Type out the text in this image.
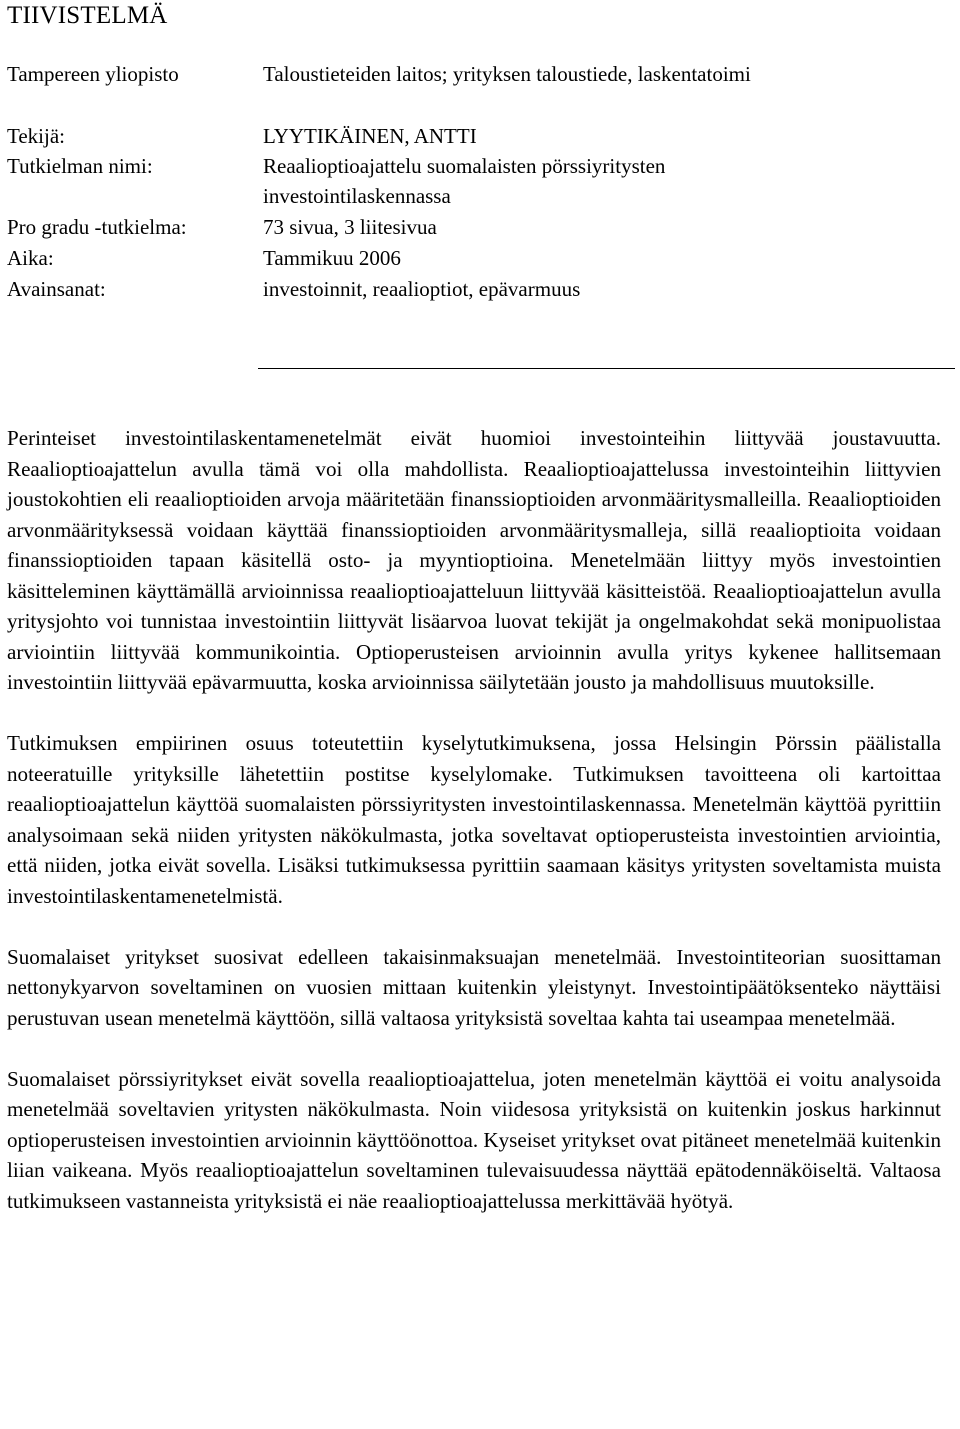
TIIVISTELMÄ
Tampereen yliopisto	Taloustieteiden laitos; yrityksen taloustiede, laskentatoimi
Tekijä:	LYYTIKÄINEN, ANTTI
Tutkielman nimi:	Reaalioptioajattelu suomalaisten pörssiyritysten investointilaskennassa
Pro gradu -tutkielma:	73 sivua, 3 liitesivua
Aika:	Tammikuu 2006
Avainsanat:	investoinnit, reaalioptiot, epävarmuus

Perinteiset investointilaskentamenetelmät eivät huomioi investointeihin liittyvää joustavuutta. Reaalioptioajattelun avulla tämä voi olla mahdollista. Reaalioptioajattelussa investointeihin liittyvien joustokohtien eli reaalioptioiden arvoja määritetään finanssioptioiden arvonmääritysmalleilla. Reaalioptioiden arvonmäärityksessä voidaan käyttää finanssioptioiden arvonmääritysmalleja, sillä reaalioptioita voidaan finanssioptioiden tapaan käsitellä osto- ja myyntioptioina. Menetelmään liittyy myös investointien käsitteleminen käyttämällä arvioinnissa reaalioptioajatteluun liittyvää käsitteistöä. Reaalioptioajattelun avulla yritysjohto voi tunnistaa investointiin liittyvät lisäarvoa luovat tekijät ja ongelmakohdat sekä monipuolistaa arviointiin liittyvää kommunikointia. Optioperusteisen arvioinnin avulla yritys kykenee hallitsemaan investointiin liittyvää epävarmuutta, koska arvioinnissa säilytetään jousto ja mahdollisuus muutoksille.

Tutkimuksen empiirinen osuus toteutettiin kyselytutkimuksena, jossa Helsingin Pörssin päälistalla noteeratuille yrityksille lähetettiin postitse kyselylomake. Tutkimuksen tavoitteena oli kartoittaa reaalioptioajattelun käyttöä suomalaisten pörssiyritysten investointilaskennassa. Menetelmän käyttöä pyrittiin analysoimaan sekä niiden yritysten näkökulmasta, jotka soveltavat optioperusteista investointien arviointia, että niiden, jotka eivät sovella. Lisäksi tutkimuksessa pyrittiin saamaan käsitys yritysten soveltamista muista investointilaskentamenetelmistä.

Suomalaiset yritykset suosivat edelleen takaisinmaksuajan menetelmää. Investointiteorian suosittaman nettonykyarvon soveltaminen on vuosien mittaan kuitenkin yleistynyt. Investointipäätöksenteko näyttäisi perustuvan usean menetelmä käyttöön, sillä valtaosa yrityksistä soveltaa kahta tai useampaa menetelmää.

Suomalaiset pörssiyritykset eivät sovella reaalioptioajattelua, joten menetelmän käyttöä ei voitu analysoida menetelmää soveltavien yritysten näkökulmasta. Noin viidesosa yrityksistä on kuitenkin joskus harkinnut optioperusteisen investointien arvioinnin käyttöönottoa. Kyseiset yritykset ovat pitäneet menetelmää kuitenkin liian vaikeana. Myös reaalioptioajattelun soveltaminen tulevaisuudessa näyttää epätodennäköiseltä. Valtaosa tutkimukseen vastanneista yrityksistä ei näe reaalioptioajattelussa merkittävää hyötyä.
